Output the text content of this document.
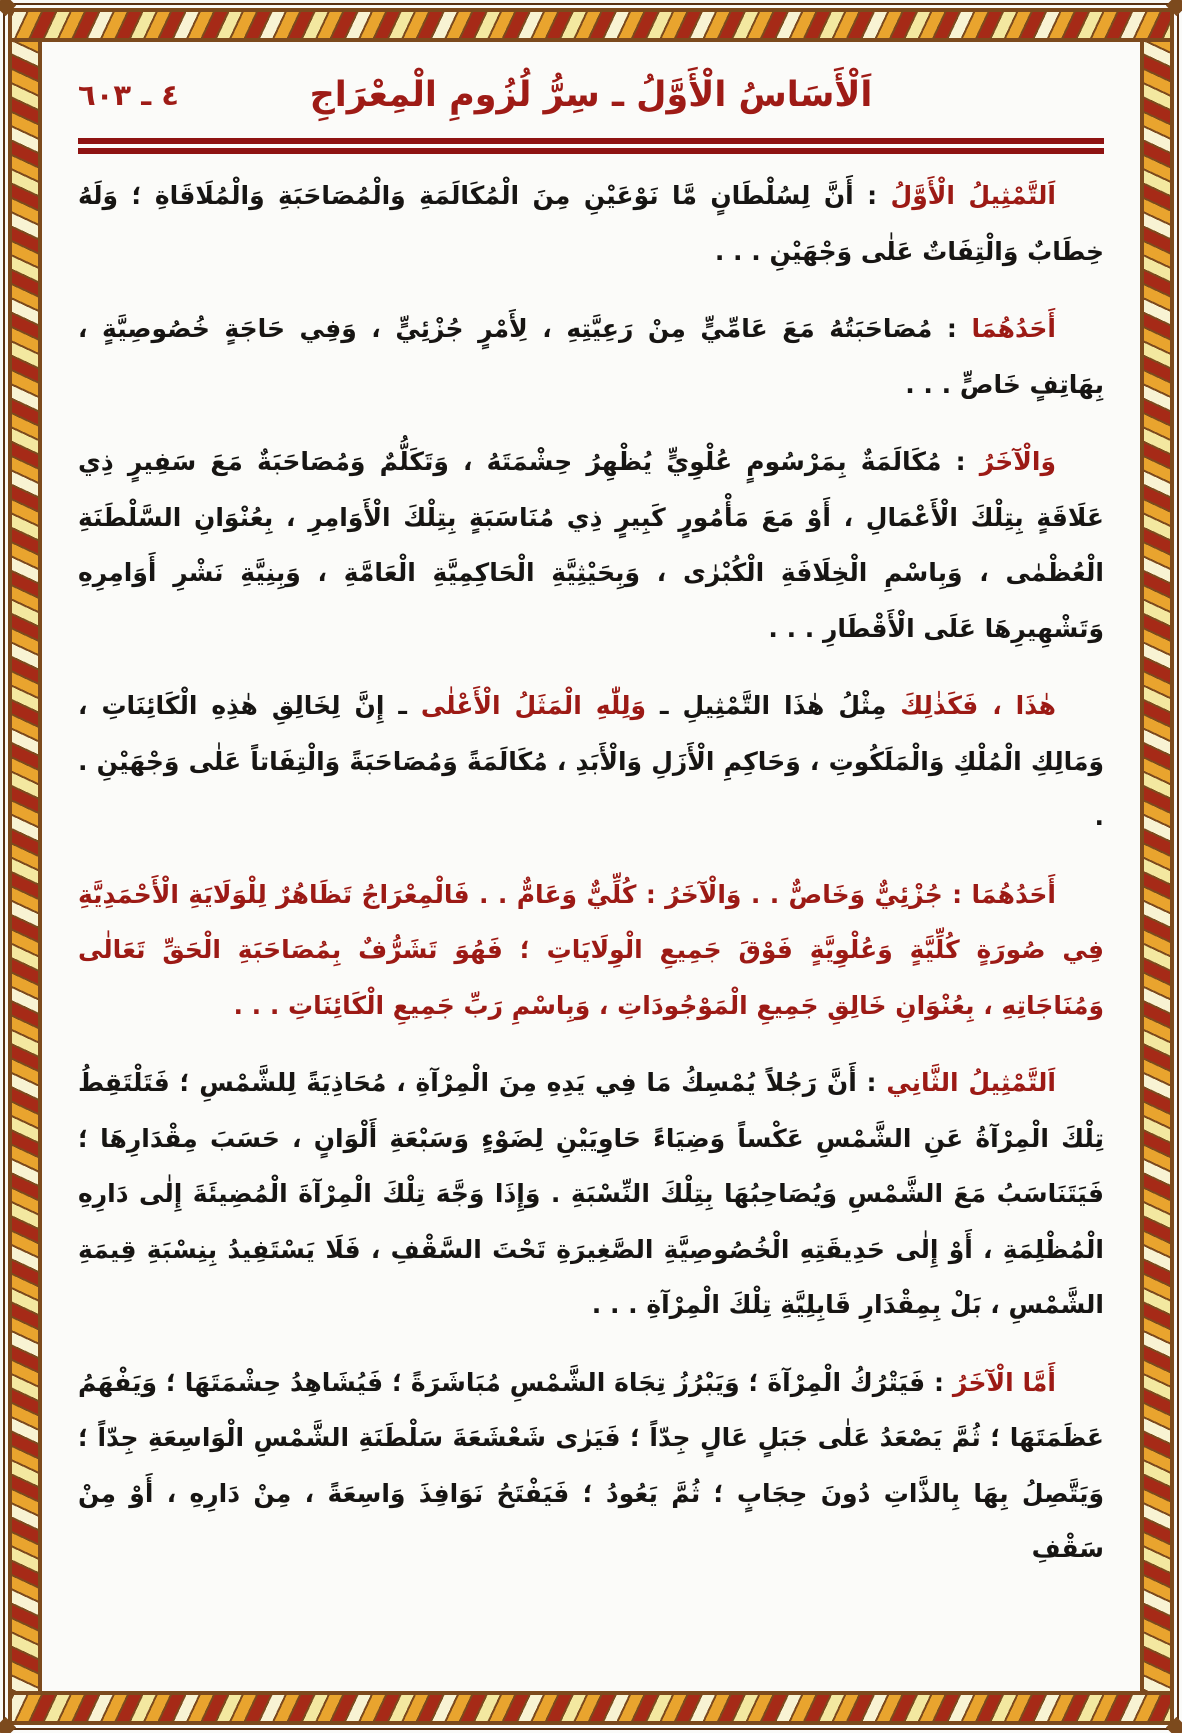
٤ ـ ٦٠٣	اَلْأَسَاسُ الْأَوَّلُ ـ سِرُّ لُزُومِ الْمِعْرَاجِ

اَلتَّمْثِيلُ الْأَوَّلُ : أَنَّ لِسُلْطَانٍ مَّا نَوْعَيْنِ مِنَ الْمُكَالَمَةِ وَالْمُصَاحَبَةِ وَالْمُلَاقَاةِ ؛ وَلَهُ خِطَابٌ وَالْتِفَاتٌ عَلٰى وَجْهَيْنِ . . .

أَحَدُهُمَا : مُصَاحَبَتُهُ مَعَ عَامِّيٍّ مِنْ رَعِيَّتِهِ ، لِأَمْرٍ جُزْئِيٍّ ، وَفِي حَاجَةٍ خُصُوصِيَّةٍ ، بِهَاتِفٍ خَاصٍّ . . .

وَالْآخَرُ : مُكَالَمَةٌ بِمَرْسُومٍ عُلْوِيٍّ يُظْهِرُ حِشْمَتَهُ ، وَتَكَلُّمٌ وَمُصَاحَبَةٌ مَعَ سَفِيرٍ ذِي عَلَاقَةٍ بِتِلْكَ الْأَعْمَالِ ، أَوْ مَعَ مَأْمُورٍ كَبِيرٍ ذِي مُنَاسَبَةٍ بِتِلْكَ الْأَوَامِرِ ، بِعُنْوَانِ السَّلْطَنَةِ الْعُظْمٰى ، وَبِاسْمِ الْخِلَافَةِ الْكُبْرٰى ، وَبِحَيْثِيَّةِ الْحَاكِمِيَّةِ الْعَامَّةِ ، وَبِنِيَّةِ نَشْرِ أَوَامِرِهِ وَتَشْهِيرِهَا عَلَى الْأَقْطَارِ . . .

هٰذَا ، فَكَذٰلِكَ مِثْلُ هٰذَا التَّمْثِيلِ ـ وَلِلّٰهِ الْمَثَلُ الْأَعْلٰى ـ إِنَّ لِخَالِقِ هٰذِهِ الْكَائِنَاتِ ، وَمَالِكِ الْمُلْكِ وَالْمَلَكُوتِ ، وَحَاكِمِ الْأَزَلِ وَالْأَبَدِ ، مُكَالَمَةً وَمُصَاحَبَةً وَالْتِفَاتاً عَلٰى وَجْهَيْنِ . .

أَحَدُهُمَا : جُزْئِيٌّ وَخَاصٌّ . . وَالْآخَرُ : كُلِّيٌّ وَعَامٌّ . . فَالْمِعْرَاجُ تَظَاهُرٌ لِلْوَلَايَةِ الْأَحْمَدِيَّةِ فِي صُورَةٍ كُلِّيَّةٍ وَعُلْوِيَّةٍ فَوْقَ جَمِيعِ الْوِلَايَاتِ ؛ فَهُوَ تَشَرُّفٌ بِمُصَاحَبَةِ الْحَقِّ تَعَالٰى وَمُنَاجَاتِهِ ، بِعُنْوَانِ خَالِقِ جَمِيعِ الْمَوْجُودَاتِ ، وَبِاسْمِ رَبِّ جَمِيعِ الْكَائِنَاتِ . . .

اَلتَّمْثِيلُ الثَّانِي : أَنَّ رَجُلاً يُمْسِكُ مَا فِي يَدِهِ مِنَ الْمِرْآةِ ، مُحَاذِيَةً لِلشَّمْسِ ؛ فَتَلْتَقِطُ تِلْكَ الْمِرْآةُ عَنِ الشَّمْسِ عَكْساً وَضِيَاءً حَاوِيَيْنِ لِضَوْءٍ وَسَبْعَةِ أَلْوَانٍ ، حَسَبَ مِقْدَارِهَا ؛ فَيَتَنَاسَبُ مَعَ الشَّمْسِ وَيُصَاحِبُهَا بِتِلْكَ النِّسْبَةِ . وَإِذَا وَجَّهَ تِلْكَ الْمِرْآةَ الْمُضِيئَةَ إِلٰى دَارِهِ الْمُظْلِمَةِ ، أَوْ إِلٰى حَدِيقَتِهِ الْخُصُوصِيَّةِ الصَّغِيرَةِ تَحْتَ السَّقْفِ ، فَلَا يَسْتَفِيدُ بِنِسْبَةِ قِيمَةِ الشَّمْسِ ، بَلْ بِمِقْدَارِ قَابِلِيَّةِ تِلْكَ الْمِرْآةِ . . .

أَمَّا الْآخَرُ : فَيَتْرُكُ الْمِرْآةَ ؛ وَيَبْرُزُ تِجَاهَ الشَّمْسِ مُبَاشَرَةً ؛ فَيُشَاهِدُ حِشْمَتَهَا ؛ وَيَفْهَمُ عَظَمَتَهَا ؛ ثُمَّ يَصْعَدُ عَلٰى جَبَلٍ عَالٍ جِدّاً ؛ فَيَرٰى شَعْشَعَةَ سَلْطَنَةِ الشَّمْسِ الْوَاسِعَةِ جِدّاً ؛ وَيَتَّصِلُ بِهَا بِالذَّاتِ دُونَ حِجَابٍ ؛ ثُمَّ يَعُودُ ؛ فَيَفْتَحُ نَوَافِذَ وَاسِعَةً ، مِنْ دَارِهِ ، أَوْ مِنْ سَقْفِ
